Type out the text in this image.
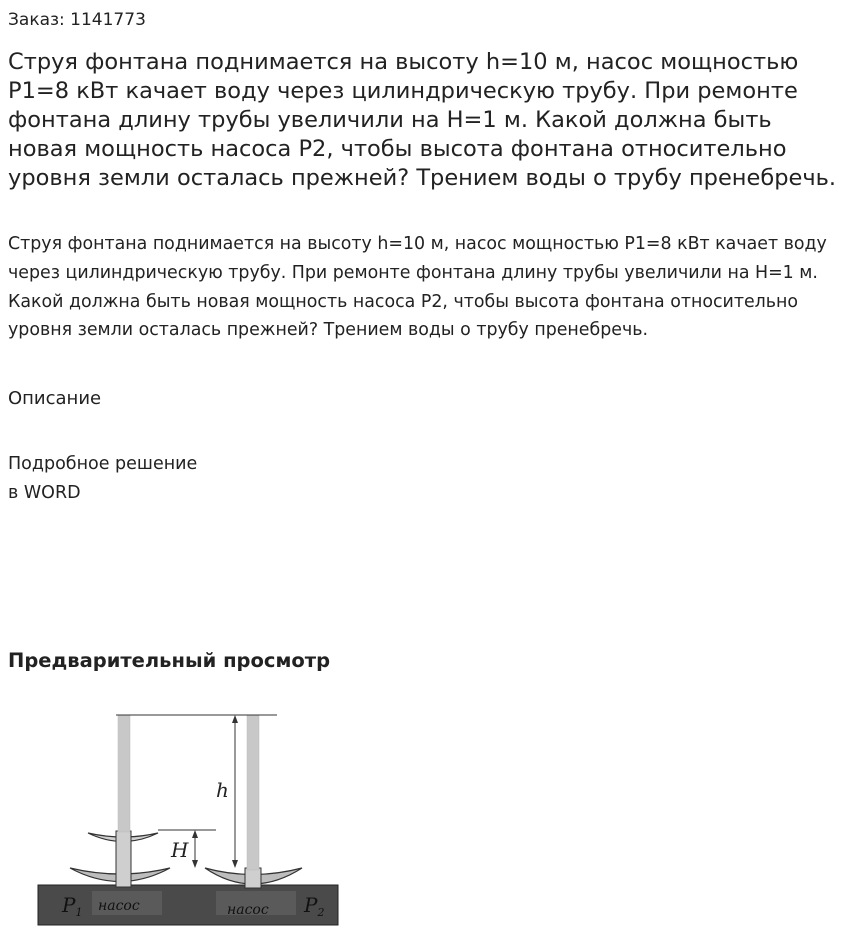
Заказ: 1141773
Струя фонтана поднимается на высоту h=10 м, насос мощностью P1=8 кВт качает воду через цилиндрическую трубу. При ремонте фонтана длину трубы увеличили на H=1 м. Какой должна быть новая мощность насоса P2, чтобы высота фонтана относительно уровня земли осталась прежней? Трением воды о трубу пренебречь.

Струя фонтана поднимается на высоту h=10 м, насос мощностью P1=8 кВт качает воду через цилиндрическую трубу. При ремонте фонтана длину трубы увеличили на H=1 м. Какой должна быть новая мощность насоса P2, чтобы высота фонтана относительно уровня земли осталась прежней? Трением воды о трубу пренебречь.

Описание
Подробное решение
в WORD
Предварительный просмотр
h
H
$P_1$ насос	насос $P_2$
